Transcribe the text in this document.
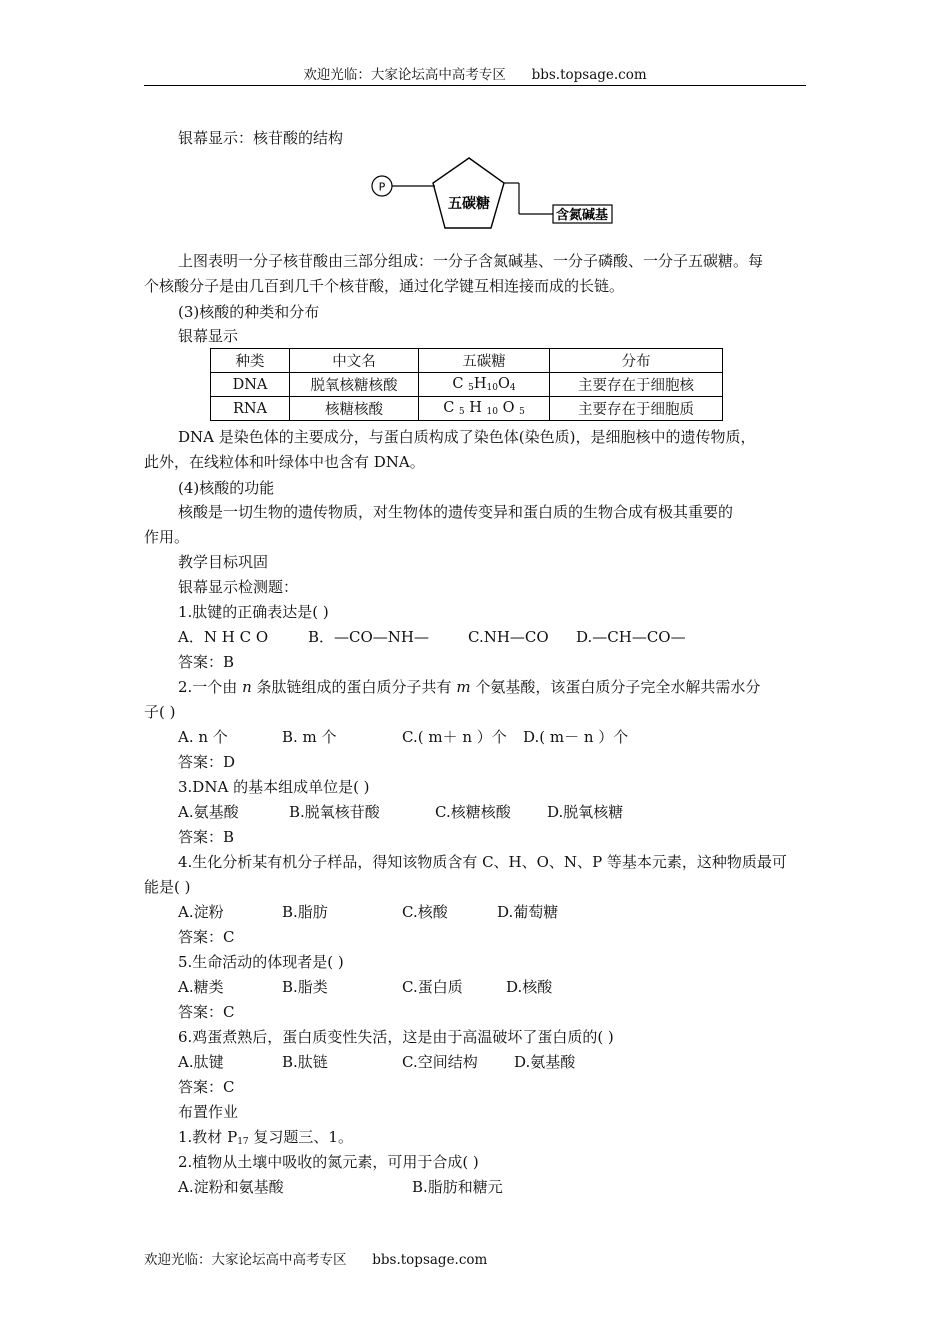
欢迎光临：大家论坛高中高考专区 bbs.topsage.com
银幕显示：核苷酸的结构
P
五碳糖
含氮碱基
上图表明一分子核苷酸由三部分组成：一分子含氮碱基、一分子磷酸、一分子五碳糖。每
个核酸分子是由几百到几千个核苷酸，通过化学键互相连接而成的长链。
(3)核酸的种类和分布
银幕显示
种类	中文名	五碳糖	分布
DNA	脱氧核糖核酸	C $_5H_{10}O_4$	主要存在于细胞核
RNA	核糖核酸	C $_5$ H $_{10}$ O $_5$	主要存在于细胞质
DNA 是染色体的主要成分，与蛋白质构成了染色体(染色质)，是细胞核中的遗传物质，
此外，在线粒体和叶绿体中也含有 DNA。
(4)核酸的功能
核酸是一切生物的遗传物质，对生物体的遗传变异和蛋白质的生物合成有极其重要的
作用。
教学目标巩固
银幕显示检测题：
1.肽键的正确表达是( )
A．N H C O	B．—CO—NH—	C.NH—CO D.—CH—CO—
答案：B
2.一个由 n 条肽链组成的蛋白质分子共有 m 个氨基酸，该蛋白质分子完全水解共需水分
子( )
A. n 个	B. m 个	C.( m＋ n ）个 D.( m－ n ）个
答案：D
3.DNA 的基本组成单位是( )
A.氨基酸	B.脱氧核苷酸	C.核糖核酸 D.脱氧核糖
答案：B
4.生化分析某有机分子样品，得知该物质含有 C、H、O、N、P 等基本元素，这种物质最可
能是( )
A.淀粉	B.脂肪	C.核酸	D.葡萄糖
答案：C
5.生命活动的体现者是( )
A.糖类	B.脂类	C.蛋白质	D.核酸
答案：C
6.鸡蛋煮熟后，蛋白质变性失活，这是由于高温破坏了蛋白质的( )
A.肽键	B.肽链	C.空间结构 D.氨基酸
答案：C
布置作业
1.教材 $P_{17}$ 复习题三、1。
2.植物从土壤中吸收的氮元素，可用于合成( )
A.淀粉和氨基酸	B.脂肪和糖元
欢迎光临：大家论坛高中高考专区 bbs.topsage.com
